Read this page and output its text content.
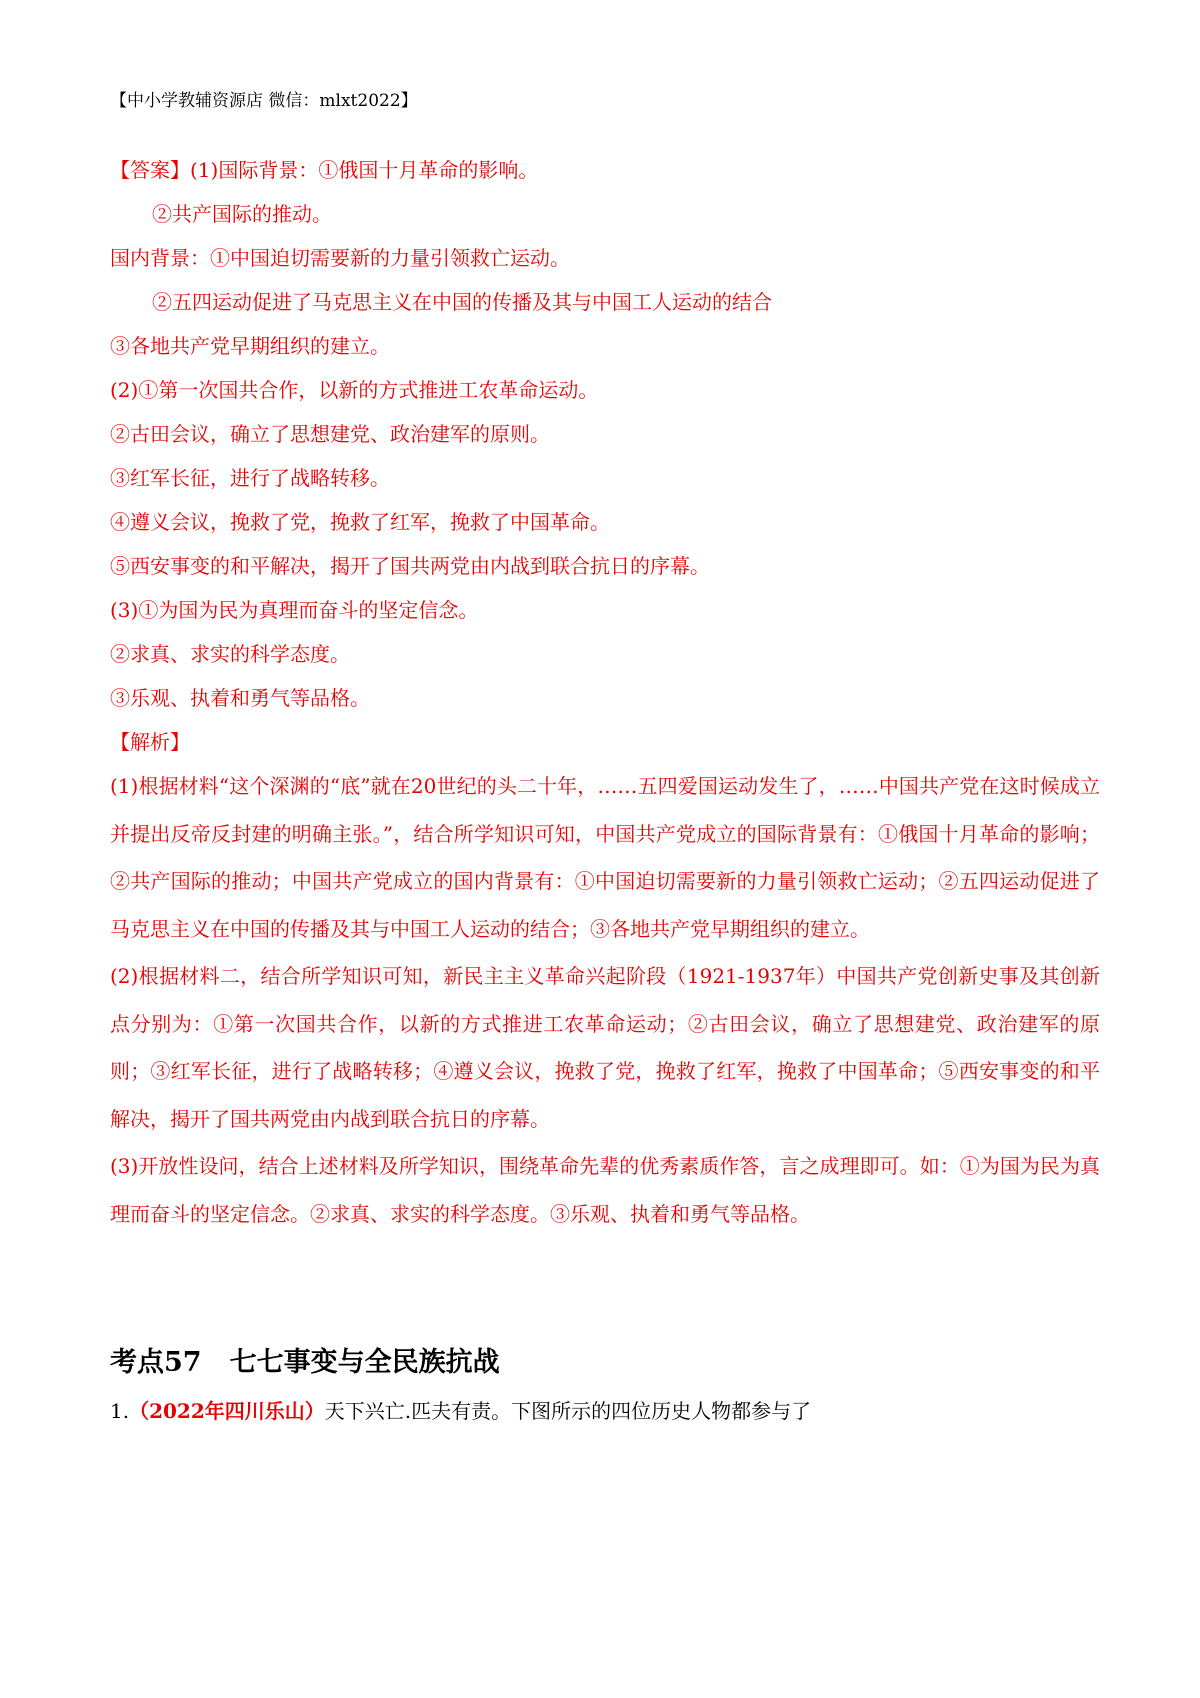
【中小学教辅资源店 微信：mlxt2022】
【答案】(1)国际背景：①俄国十月革命的影响。
②共产国际的推动。
国内背景：①中国迫切需要新的力量引领救亡运动。
②五四运动促进了马克思主义在中国的传播及其与中国工人运动的结合
③各地共产党早期组织的建立。
(2)①第一次国共合作，以新的方式推进工农革命运动。
②古田会议，确立了思想建党、政治建军的原则。
③红军长征，进行了战略转移。
④遵义会议，挽救了党，挽救了红军，挽救了中国革命。
⑤西安事变的和平解决，揭开了国共两党由内战到联合抗日的序幕。
(3)①为国为民为真理而奋斗的坚定信念。
②求真、求实的科学态度。
③乐观、执着和勇气等品格。
【解析】
(1)根据材料“这个深渊的“底”就在20世纪的头二十年，……五四爱国运动发生了，……中国共产党在这时候成立并提出反帝反封建的明确主张。”，结合所学知识可知，中国共产党成立的国际背景有：①俄国十月革命的影响；②共产国际的推动；中国共产党成立的国内背景有：①中国迫切需要新的力量引领救亡运动；②五四运动促进了马克思主义在中国的传播及其与中国工人运动的结合；③各地共产党早期组织的建立。
(2)根据材料二，结合所学知识可知，新民主主义革命兴起阶段（1921-1937年）中国共产党创新史事及其创新点分别为：①第一次国共合作，以新的方式推进工农革命运动；②古田会议，确立了思想建党、政治建军的原则；③红军长征，进行了战略转移；④遵义会议，挽救了党，挽救了红军，挽救了中国革命；⑤西安事变的和平解决，揭开了国共两党由内战到联合抗日的序幕。
(3)开放性设问，结合上述材料及所学知识，围绕革命先辈的优秀素质作答，言之成理即可。如：①为国为民为真理而奋斗的坚定信念。②求真、求实的科学态度。③乐观、执着和勇气等品格。
考点57 七七事变与全民族抗战
1.（2022年四川乐山）天下兴亡.匹夫有责。下图所示的四位历史人物都参与了
